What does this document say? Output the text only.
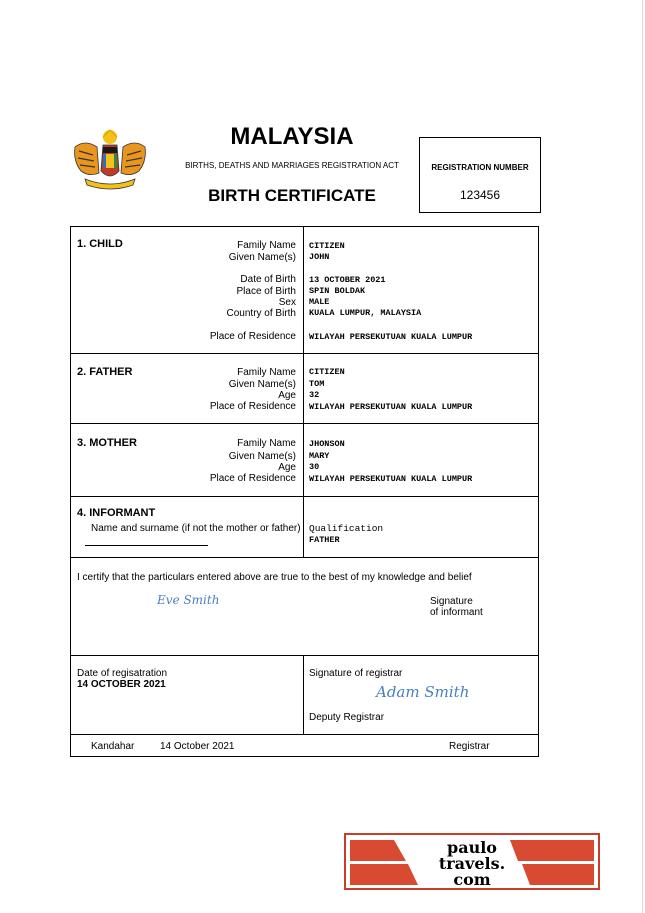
MALAYSIA
BIRTHS, DEATHS AND MARRIAGES REGISTRATION ACT
BIRTH CERTIFICATE
REGISTRATION NUMBER
123456
1. CHILD	Family Name CITIZEN
Given Name(s) JOHN
Date of Birth 13 OCTOBER 2021
Place of Birth SPIN BOLDAK
Sex MALE
Country of Birth KUALA LUMPUR, MALAYSIA
Place of Residence WILAYAH PERSEKUTUAN KUALA LUMPUR
2. FATHER	Family Name CITIZEN
Given Name(s) TOM
Age 32
Place of Residence WILAYAH PERSEKUTUAN KUALA LUMPUR
3. MOTHER	Family Name JHONSON
Given Name(s) MARY
Age 30
Place of Residence WILAYAH PERSEKUTUAN KUALA LUMPUR
4. INFORMANT
Name and surname (if not the mother or father) Qualification
FATHER
I certify that the particulars entered above are true to the best of my knowledge and belief
Eve Smith	Signature
of informant
Date of regisatration
14 OCTOBER 2021
Signature of registrar
Adam Smith
Deputy Registrar
Kandahar	14 October 2021	Registrar
paulo
travels.
com
